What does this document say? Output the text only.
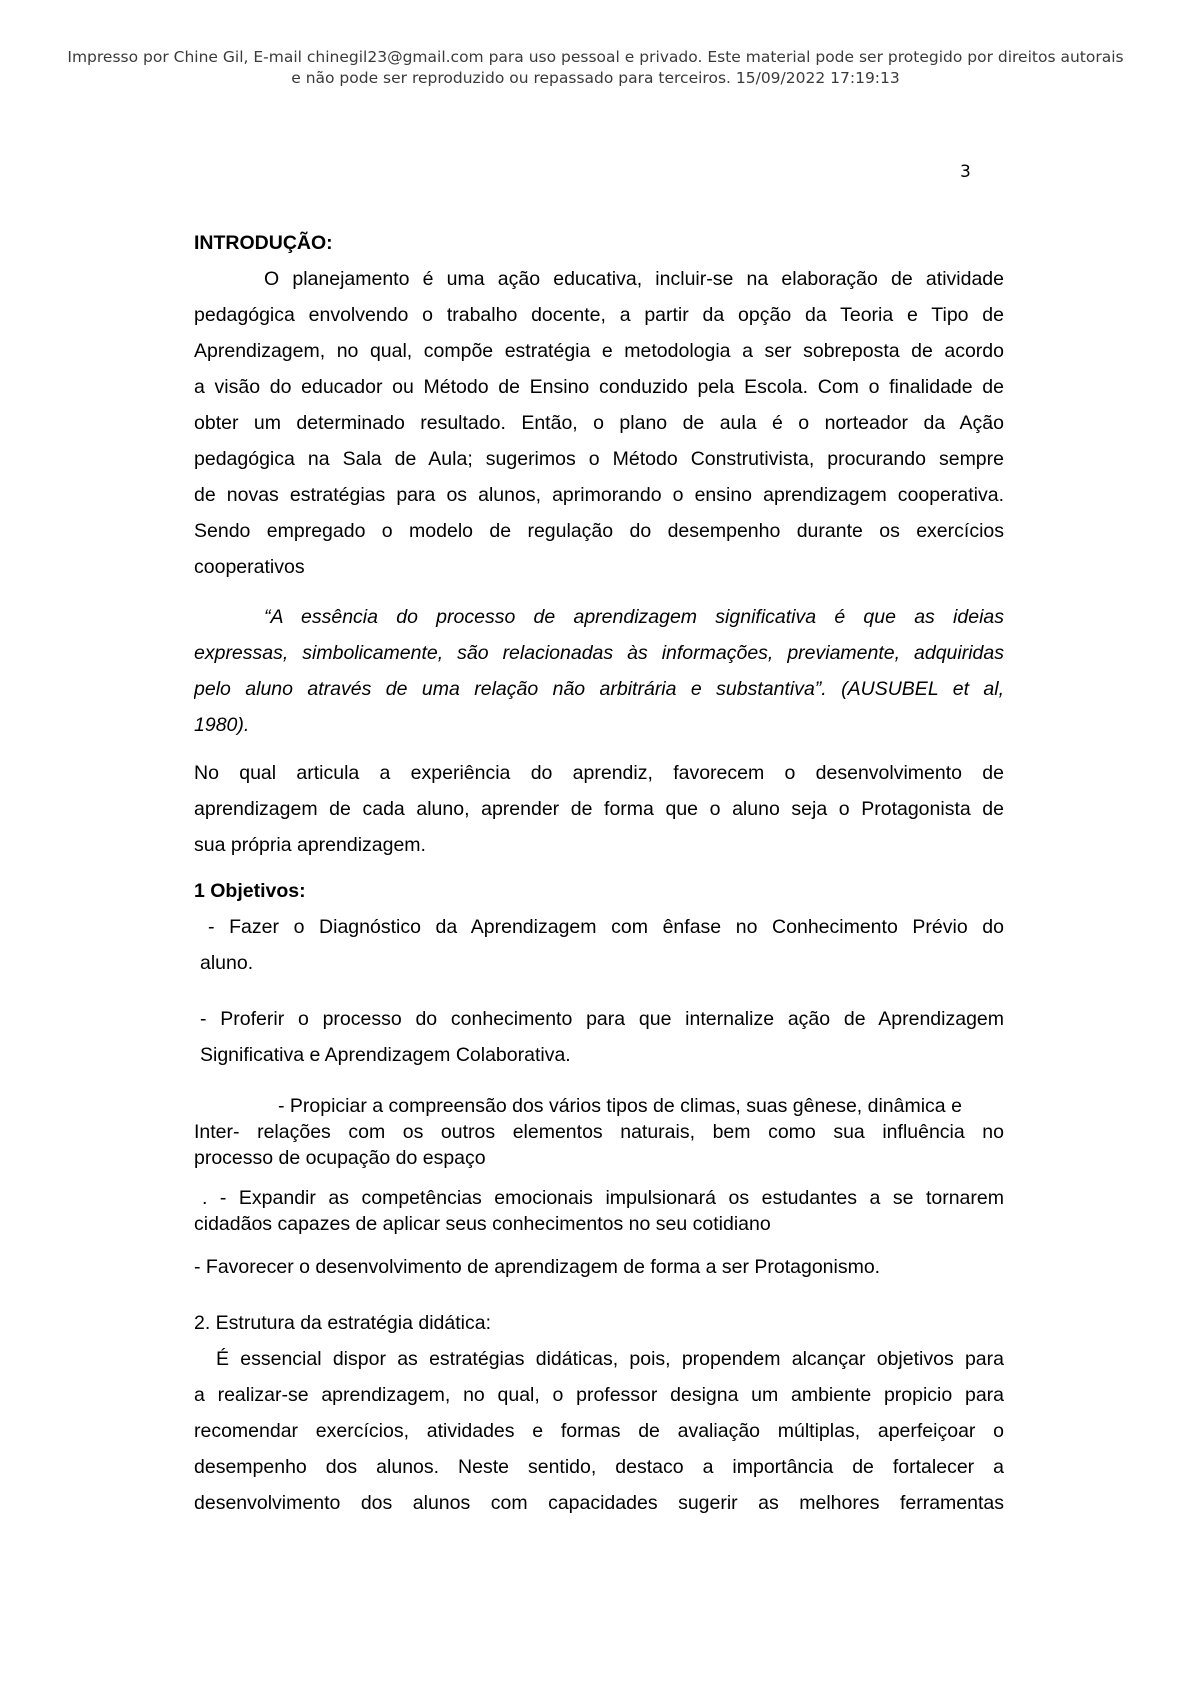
Impresso por Chine Gil, E-mail chinegil23@gmail.com para uso pessoal e privado. Este material pode ser protegido por direitos autorais
e não pode ser reproduzido ou repassado para terceiros. 15/09/2022 17:19:13
3
INTRODUÇÃO:
O planejamento é uma ação educativa, incluir-se na elaboração de atividade
pedagógica envolvendo o trabalho docente, a partir da opção da Teoria e Tipo de
Aprendizagem, no qual, compõe estratégia e metodologia a ser sobreposta de acordo
a visão do educador ou Método de Ensino conduzido pela Escola. Com o finalidade de
obter um determinado resultado. Então, o plano de aula é o norteador da Ação
pedagógica na Sala de Aula; sugerimos o Método Construtivista, procurando sempre
de novas estratégias para os alunos, aprimorando o ensino aprendizagem cooperativa.
Sendo empregado o modelo de regulação do desempenho durante os exercícios
cooperativos
“A essência do processo de aprendizagem significativa é que as ideias
expressas, simbolicamente, são relacionadas às informações, previamente, adquiridas
pelo aluno através de uma relação não arbitrária e substantiva”. (AUSUBEL et al,
1980).
No qual articula a experiência do aprendiz, favorecem o desenvolvimento de
aprendizagem de cada aluno, aprender de forma que o aluno seja o Protagonista de
sua própria aprendizagem.
1 Objetivos:
- Fazer o Diagnóstico da Aprendizagem com ênfase no Conhecimento Prévio do
aluno.
- Proferir o processo do conhecimento para que internalize ação de Aprendizagem
Significativa e Aprendizagem Colaborativa.
- Propiciar a compreensão dos vários tipos de climas, suas gênese, dinâmica e
Inter- relações com os outros elementos naturais, bem como sua influência no
processo de ocupação do espaço
. - Expandir as competências emocionais impulsionará os estudantes a se tornarem
cidadãos capazes de aplicar seus conhecimentos no seu cotidiano
- Favorecer o desenvolvimento de aprendizagem de forma a ser Protagonismo.
2. Estrutura da estratégia didática:
É essencial dispor as estratégias didáticas, pois, propendem alcançar objetivos para
a realizar-se aprendizagem, no qual, o professor designa um ambiente propicio para
recomendar exercícios, atividades e formas de avaliação múltiplas, aperfeiçoar o
desempenho dos alunos. Neste sentido, destaco a importância de fortalecer a
desenvolvimento dos alunos com capacidades sugerir as melhores ferramentas
